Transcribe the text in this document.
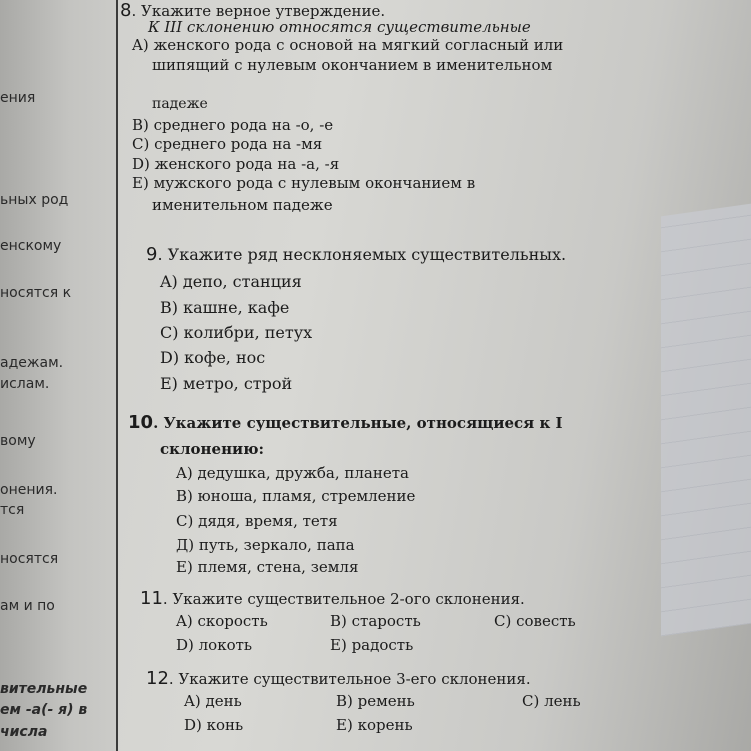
ения
ьных род
енскому
носятся к
адежам.
ислам.
вому
онения.
тся
носятся
ам и по
вительные
ем -а(- я) в
числа
8. Укажите верное утверждение.
К III склонению относятся существительные
A) женского рода с основой на мягкий согласный или
шипящий с нулевым окончанием в именительном
падеже
B) среднего рода на -о, -е
C) среднего рода на -мя
D) женского рода на -а, -я
E) мужского рода с нулевым окончанием в
именительном падеже
9. Укажите ряд несклоняемых существительных.
A) депо, станция
B) кашне, кафе
C) колибри, петух
D) кофе, нос
E) метро, строй
10. Укажите существительные, относящиеся к I
склонению:
A) дедушка, дружба, планета
B) юноша, пламя, стремление
C) дядя, время, тетя
Д) путь, зеркало, папа
E) племя, стена, земля
11. Укажите существительное 2-ого склонения.
A) скорость	B) старость	C) совесть
D) локоть	E) радость
12. Укажите существительное 3-его склонения.
A) день	B) ремень	C) лень
D) конь	E) корень
